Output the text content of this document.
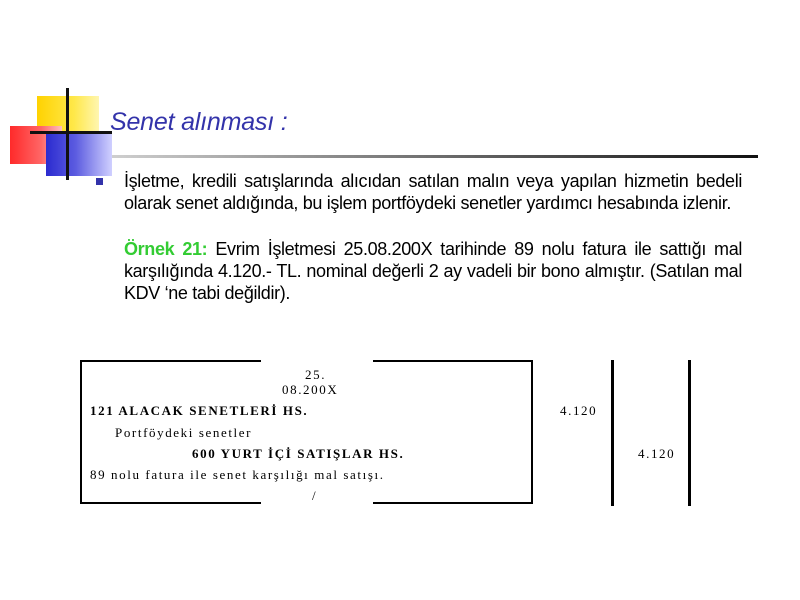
Senet alınması :
İşletme, kredili satışlarında alıcıdan satılan malın veya yapılan hizmetin bedeli olarak senet aldığında, bu işlem portföydeki senetler yardımcı hesabında izlenir.
Örnek 21: Evrim İşletmesi 25.08.200X tarihinde 89 nolu fatura ile sattığı mal karşılığında 4.120.- TL. nominal değerli 2 ay vadeli bir bono almıştır. (Satılan mal KDV ‘ne tabi değildir).
25.
08.200X
121 ALACAK SENETLERİ HS.	4.120
Portföydeki senetler
600 YURT İÇİ SATIŞLAR HS.	4.120
89 nolu fatura ile senet karşılığı mal satışı.
/
